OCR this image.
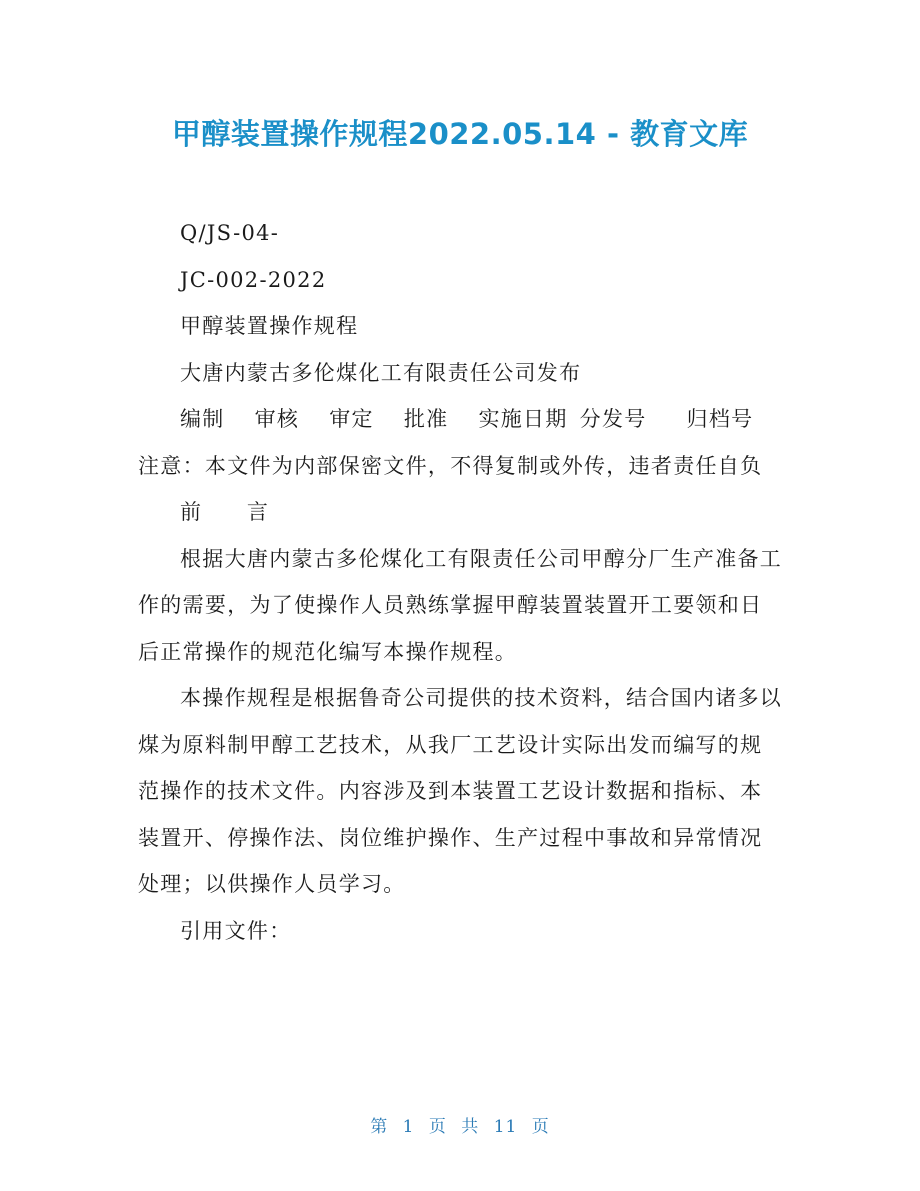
甲醇装置操作规程2022.05.14 - 教育文库

Q/JS-04-

JC-002-2022

甲醇装置操作规程

大唐内蒙古多伦煤化工有限责任公司发布

编制 审核 审定 批准 实施日期 分发号 归档号

注意：本文件为内部保密文件，不得复制或外传，违者责任自负

前　　言

根据大唐内蒙古多伦煤化工有限责任公司甲醇分厂生产准备工作的需要，为了使操作人员熟练掌握甲醇装置装置开工要领和日后正常操作的规范化编写本操作规程。

本操作规程是根据鲁奇公司提供的技术资料，结合国内诸多以煤为原料制甲醇工艺技术，从我厂工艺设计实际出发而编写的规范操作的技术文件。内容涉及到本装置工艺设计数据和指标、本装置开、停操作法、岗位维护操作、生产过程中事故和异常情况处理；以供操作人员学习。

引用文件：

第 1 页 共 11 页
